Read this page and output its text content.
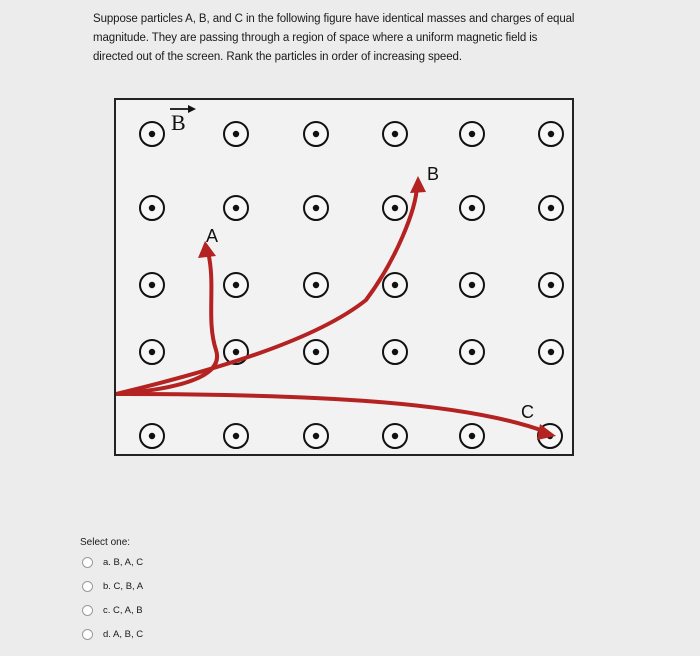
Suppose particles A, B, and C in the following figure have identical masses and charges of equal
magnitude. They are passing through a region of space where a uniform magnetic field is
directed out of the screen. Rank the particles in order of increasing speed.
B
A
B
C
Select one:
a. B, A, C
b. C, B, A
c. C, A, B
d. A, B, C
